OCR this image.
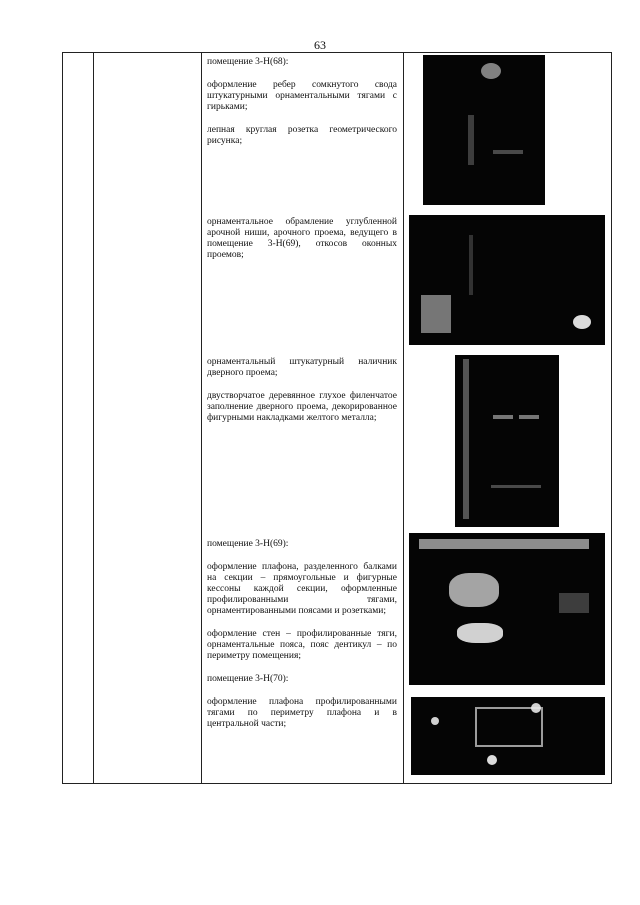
63

помещение 3-Н(68):

оформление ребер сомкнутого свода штукатурными орнаментальными тягами с гирьками;

лепная круглая розетка геометрического рисунка;

орнаментальное обрамление углубленной арочной ниши, арочного проема, ведущего в помещение 3-Н(69), откосов оконных проемов;

орнаментальный штукатурный наличник дверного проема;

двустворчатое деревянное глухое филенчатое заполнение дверного проема, декорированное фигурными накладками желтого металла;

помещение 3-Н(69):

оформление плафона, разделенного балками на секции – прямоугольные и фигурные кессоны каждой секции, оформленные профилированными тягами, орнаментированными поясами и розетками;

оформление стен – профилированные тяги, орнаментальные пояса, пояс дентикул – по периметру помещения;

помещение 3-Н(70):

оформление плафона профилированными тягами по периметру плафона и в центральной части;
